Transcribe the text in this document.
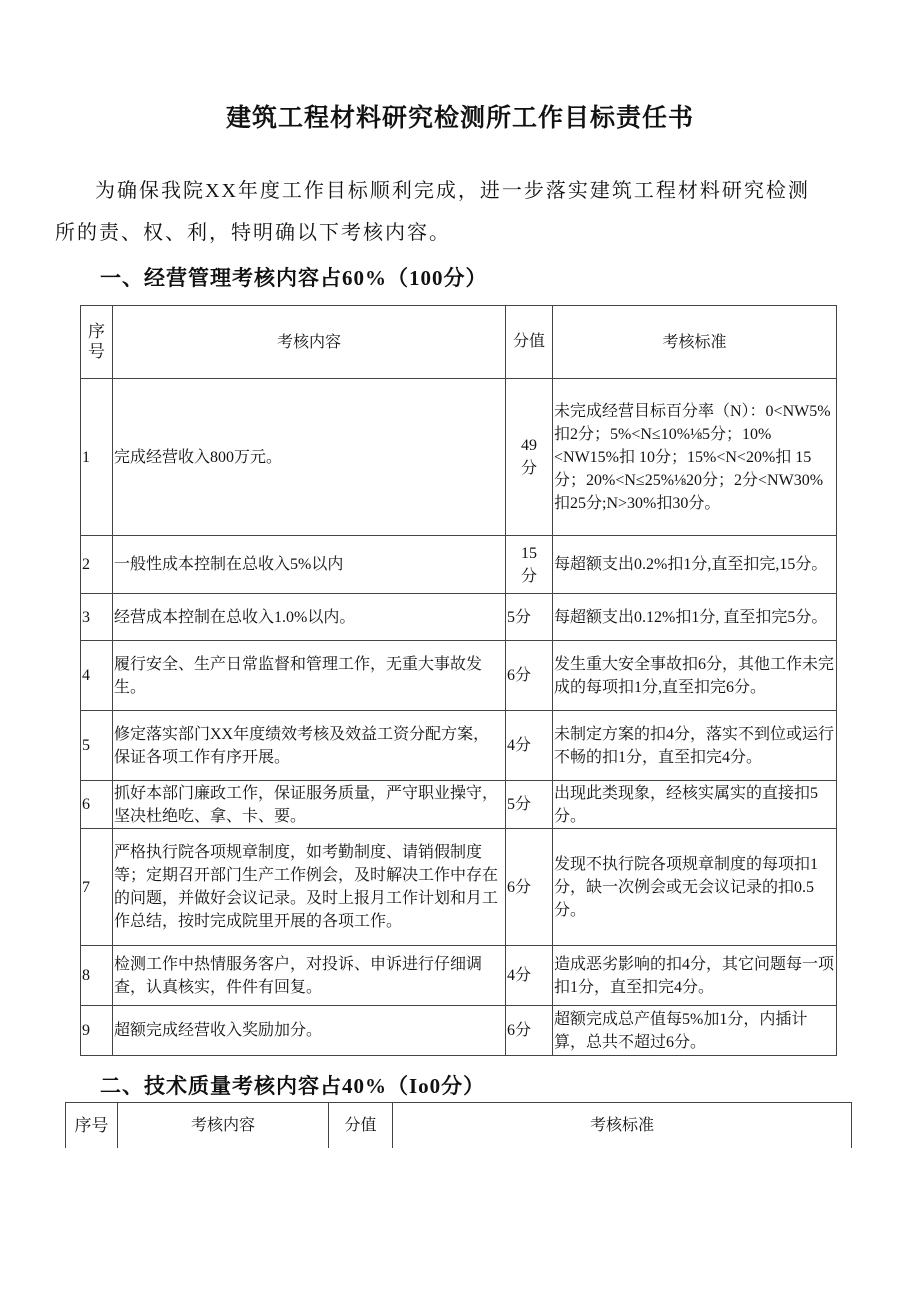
建筑工程材料研究检测所工作目标责任书
为确保我院XX年度工作目标顺利完成，进一步落实建筑工程材料研究检测
所的责、权、利，特明确以下考核内容。
一、经营管理考核内容占60%（100分）
序号	考核内容	分值	考核标准
1	完成经营收入800万元。	49分	未完成经营目标百分率（N）：0<NW5%扣2分；5%<N≤10%⅛5分；10%<NW15%扣 10分；15%<N<20%扣 15分；20%<N≤25%⅛20分；2分<NW30%扣25分;N>30%扣30分。
2	一般性成本控制在总收入5%以内	15分	每超额支出0.2%扣1分,直至扣完,15分。
3	经营成本控制在总收入1.0%以内。	5分	每超额支出0.12%扣1分, 直至扣完5分。
4	履行安全、生产日常监督和管理工作，无重大事故发生。	6分	发生重大安全事故扣6分，其他工作未完成的每项扣1分,直至扣完6分。
5	修定落实部门XX年度绩效考核及效益工资分配方案，保证各项工作有序开展。	4分	未制定方案的扣4分，落实不到位或运行不畅的扣1分，直至扣完4分。
6	抓好本部门廉政工作，保证服务质量，严守职业操守，坚决杜绝吃、拿、卡、要。	5分	出现此类现象，经核实属实的直接扣5分。
7	严格执行院各项规章制度，如考勤制度、请销假制度等；定期召开部门生产工作例会，及时解决工作中存在的问题，并做好会议记录。及时上报月工作计划和月工作总结，按时完成院里开展的各项工作。	6分	发现不执行院各项规章制度的每项扣1分，缺一次例会或无会议记录的扣0.5分。
8	检测工作中热情服务客户，对投诉、申诉进行仔细调查，认真核实，件件有回复。	4分	造成恶劣影响的扣4分，其它问题每一项扣1分，直至扣完4分。
9	超额完成经营收入奖励加分。	6分	超额完成总产值每5%加1分，内插计算，总共不超过6分。
二、技术质量考核内容占40%（Io0分）
序号	考核内容	分值	考核标准
